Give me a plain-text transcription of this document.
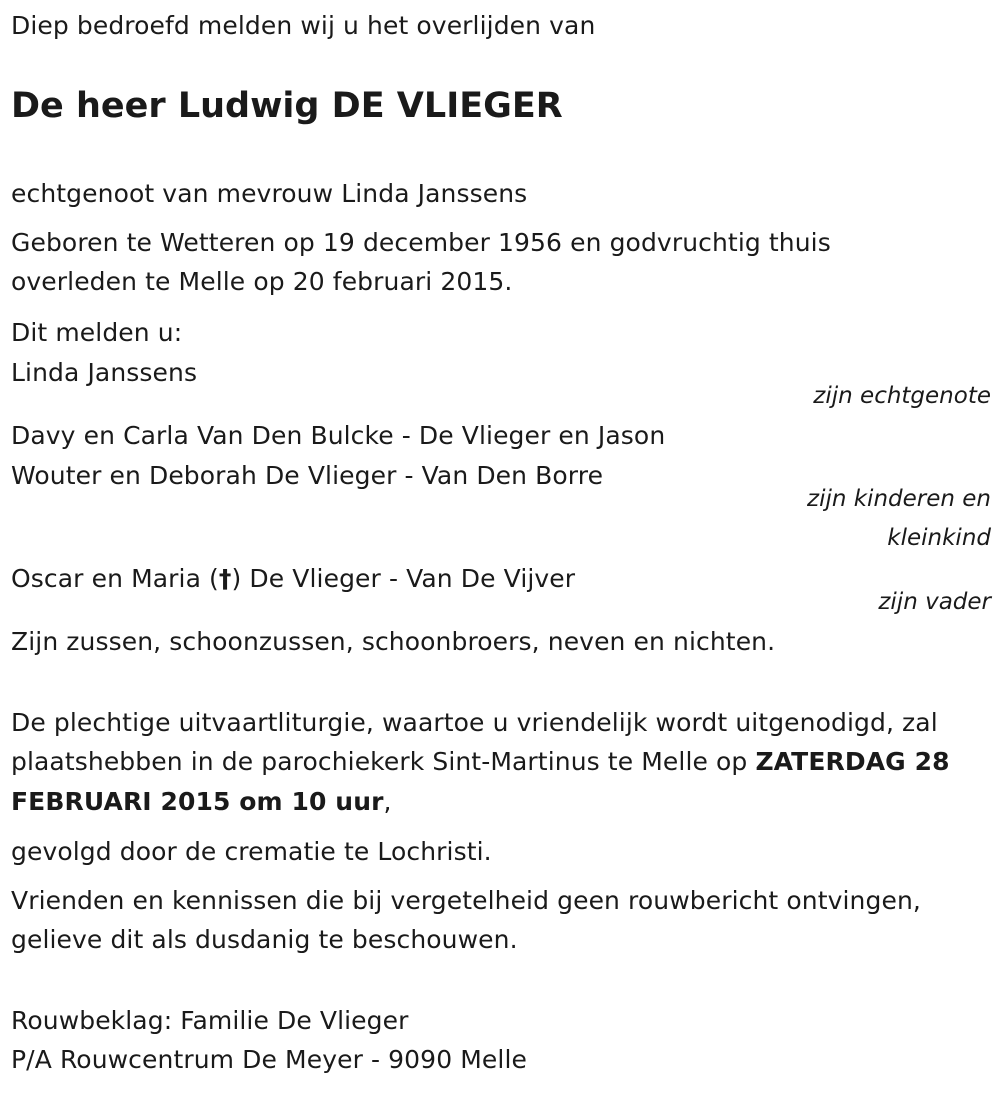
Diep bedroefd melden wij u het overlijden van
De heer Ludwig DE VLIEGER
echtgenoot van mevrouw Linda Janssens
Geboren te Wetteren op 19 december 1956 en godvruchtig thuis
overleden te Melle op 20 februari 2015.
Dit melden u:
Linda Janssens
zijn echtgenote
Davy en Carla Van Den Bulcke - De Vlieger en Jason
Wouter en Deborah De Vlieger - Van Den Borre
zijn kinderen en
kleinkind
Oscar en Maria (†) De Vlieger - Van De Vijver
zijn vader
Zijn zussen, schoonzussen, schoonbroers, neven en nichten.
De plechtige uitvaartliturgie, waartoe u vriendelijk wordt uitgenodigd, zal
plaatshebben in de parochiekerk Sint-Martinus te Melle op ZATERDAG 28
FEBRUARI 2015 om 10 uur,
gevolgd door de crematie te Lochristi.
Vrienden en kennissen die bij vergetelheid geen rouwbericht ontvingen,
gelieve dit als dusdanig te beschouwen.
Rouwbeklag: Familie De Vlieger
P/A Rouwcentrum De Meyer - 9090 Melle
